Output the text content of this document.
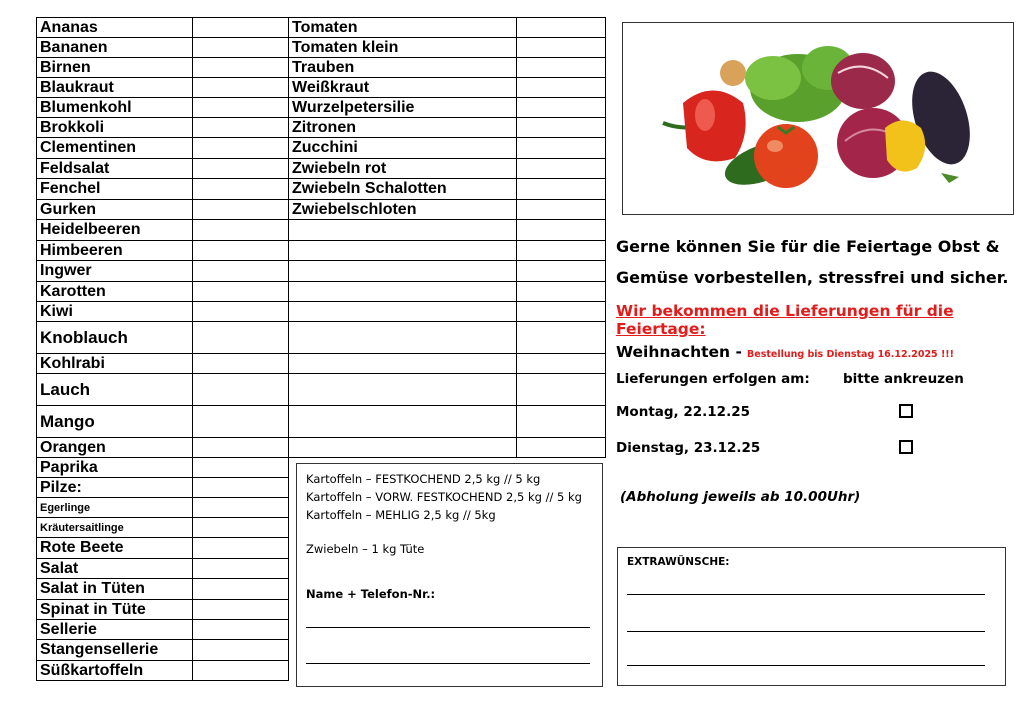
Ananas		Tomaten	
Bananen		Tomaten klein	
Birnen		Trauben	
Blaukraut		Weißkraut	
Blumenkohl		Wurzelpetersilie	
Brokkoli		Zitronen	
Clementinen		Zucchini	
Feldsalat		Zwiebeln rot	
Fenchel		Zwiebeln Schalotten	
Gurken		Zwiebelschloten	
Heidelbeeren			
Himbeeren			
Ingwer			
Karotten			
Kiwi			
Knoblauch			
Kohlrabi			
Lauch			
Mango			
Orangen			
Paprika			
Pilze:			
Egerlinge			
Kräutersaitlinge			
Rote Beete			
Salat			
Salat in Tüten			
Spinat in Tüte			
Sellerie			
Stangensellerie			
Süßkartoffeln			
Kartoffeln – FESTKOCHEND 2,5 kg // 5 kg
Kartoffeln – VORW. FESTKOCHEND 2,5 kg // 5 kg
Kartoffeln – MEHLIG 2,5 kg // 5kg
Zwiebeln – 1 kg Tüte
Name + Telefon-Nr.:
Gerne können Sie für die Feiertage Obst & Gemüse vorbestellen, stressfrei und sicher.
Wir bekommen die Lieferungen für die Feiertage:
Weihnachten - Bestellung bis Dienstag 16.12.2025 !!!
Lieferungen erfolgen am: bitte ankreuzen
Montag, 22.12.25
Dienstag, 23.12.25
(Abholung jeweils ab 10.00Uhr)
EXTRAWÜNSCHE:
